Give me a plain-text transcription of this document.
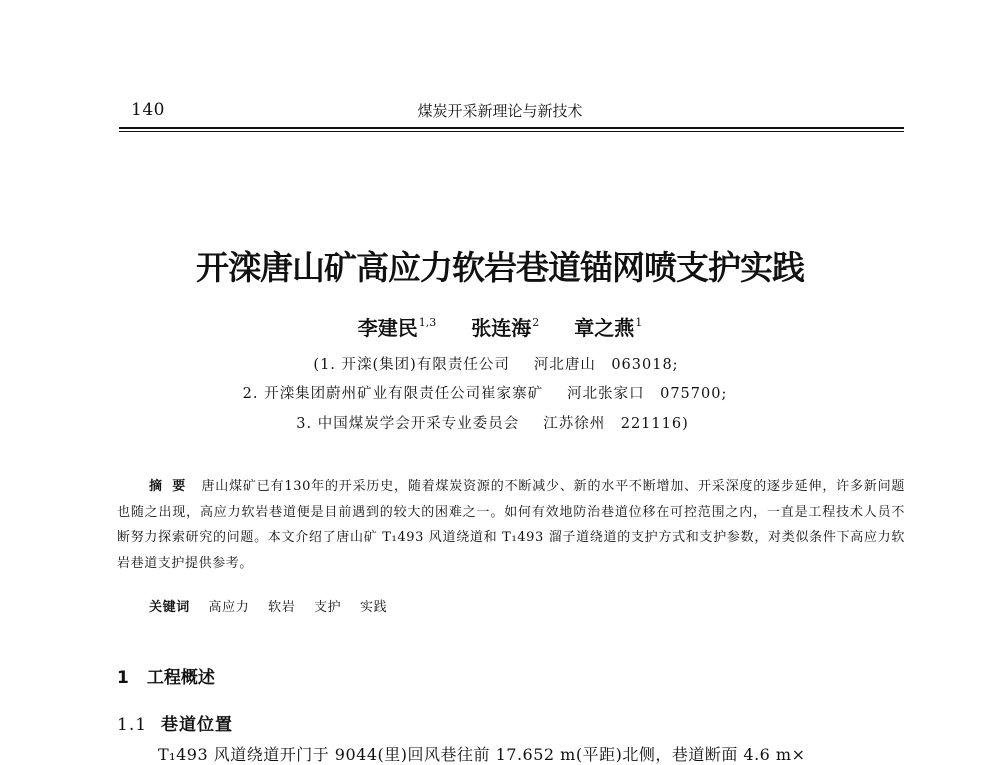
140	煤炭开采新理论与新技术
开滦唐山矿高应力软岩巷道锚网喷支护实践
李建民$^{1,3}$ 张连海$^2$ 章之燕$^1$
(1. 开滦(集团)有限责任公司 河北唐山　063018;
2. 开滦集团蔚州矿业有限责任公司崔家寨矿 河北张家口　075700;
3. 中国煤炭学会开采专业委员会 江苏徐州　221116)
摘要 唐山煤矿已有130年的开采历史，随着煤炭资源的不断减少、新的水平不断增加、开采深度的逐步延伸，许多新问题也随之出现，高应力软岩巷道便是目前遇到的较大的困难之一。如何有效地防治巷道位移在可控范围之内，一直是工程技术人员不断努力探索研究的问题。本文介绍了唐山矿 T₁493 风道绕道和 T₁493 溜子道绕道的支护方式和支护参数，对类似条件下高应力软岩巷道支护提供参考。
关键词 高应力 软岩 支护 实践
1 工程概述
1.1 巷道位置
T₁493 风道绕道开门于 9044(里)回风巷往前 17.652 m(平距)北侧，巷道断面 4.6 m×
